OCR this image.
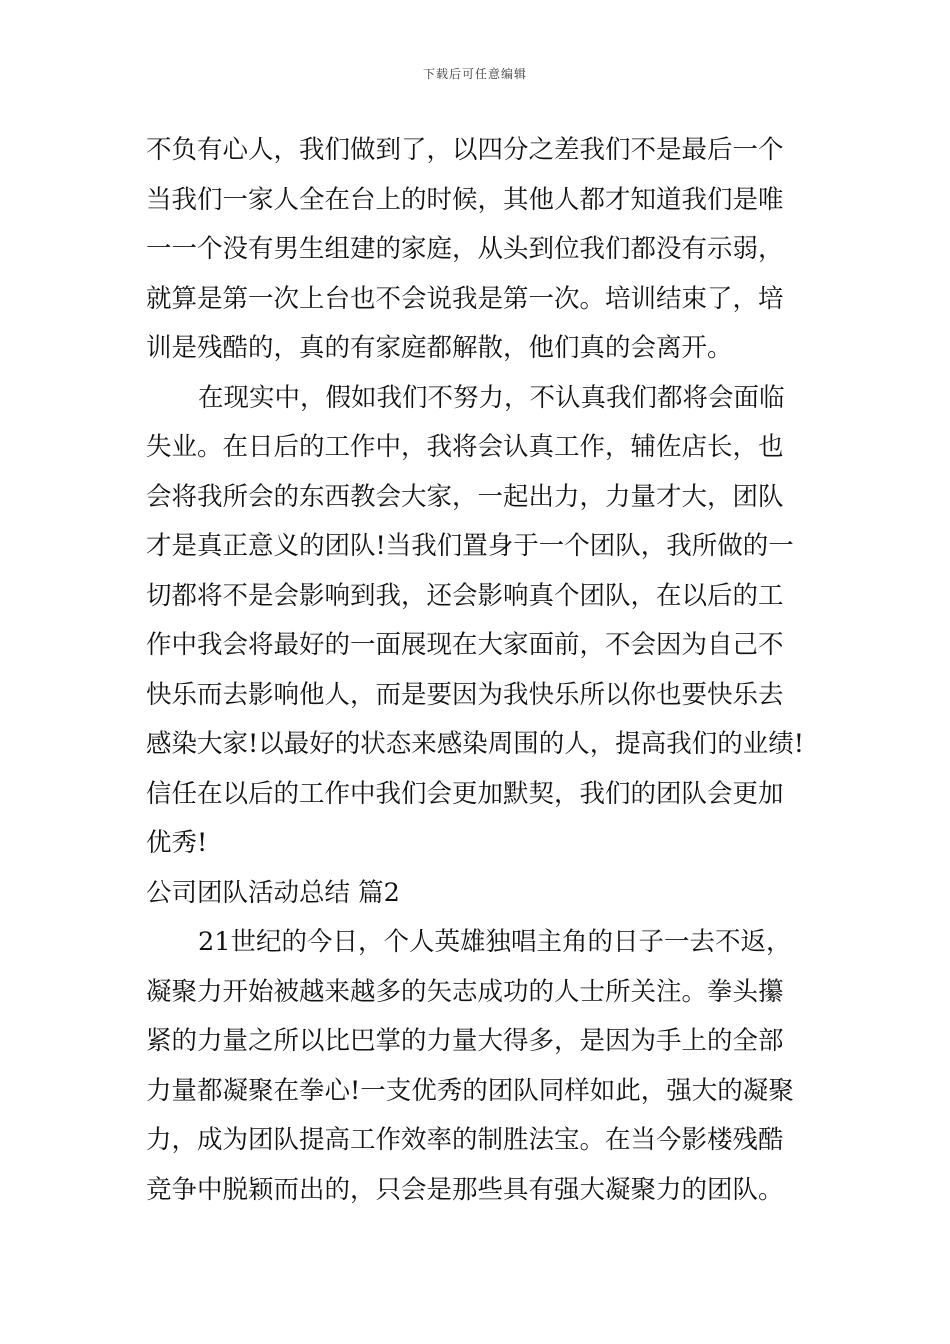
下载后可任意编辑
不负有心人，我们做到了，以四分之差我们不是最后一个
当我们一家人全在台上的时候，其他人都才知道我们是唯
一一个没有男生组建的家庭，从头到位我们都没有示弱，
就算是第一次上台也不会说我是第一次。培训结束了，培
训是残酷的，真的有家庭都解散，他们真的会离开。
在现实中，假如我们不努力，不认真我们都将会面临
失业。在日后的工作中，我将会认真工作，辅佐店长，也
会将我所会的东西教会大家，一起出力，力量才大，团队
才是真正意义的团队!当我们置身于一个团队，我所做的一
切都将不是会影响到我，还会影响真个团队，在以后的工
作中我会将最好的一面展现在大家面前，不会因为自己不
快乐而去影响他人，而是要因为我快乐所以你也要快乐去
感染大家!以最好的状态来感染周围的人，提高我们的业绩!
信任在以后的工作中我们会更加默契，我们的团队会更加
优秀!
公司团队活动总结 篇2
21世纪的今日，个人英雄独唱主角的日子一去不返，
凝聚力开始被越来越多的矢志成功的人士所关注。拳头攥
紧的力量之所以比巴掌的力量大得多，是因为手上的全部
力量都凝聚在拳心!一支优秀的团队同样如此，强大的凝聚
力，成为团队提高工作效率的制胜法宝。在当今影楼残酷
竞争中脱颖而出的，只会是那些具有强大凝聚力的团队。
